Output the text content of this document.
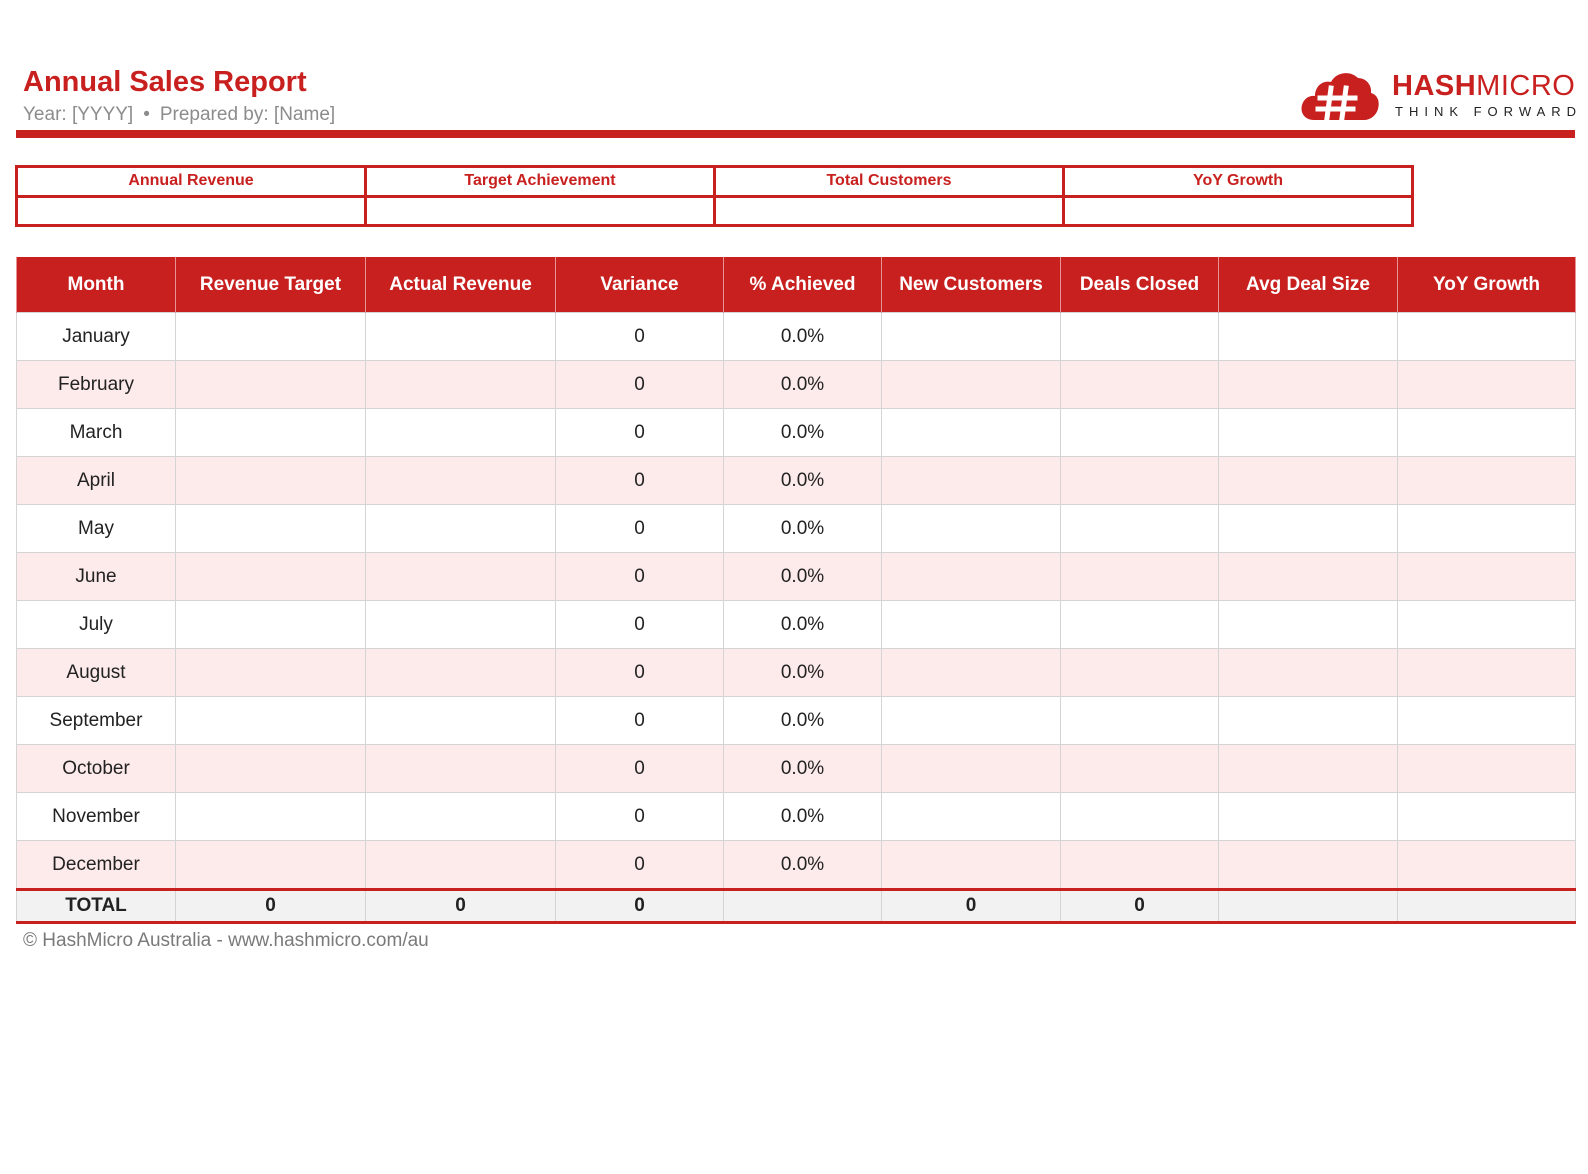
Annual Sales Report
Year: [YYYY] • Prepared by: [Name]
HASHMICRO
THINK FORWARD
Annual Revenue	Target Achievement	Total Customers	YoY Growth

Month	Revenue Target	Actual Revenue	Variance	% Achieved	New Customers	Deals Closed	Avg Deal Size	YoY Growth
January			0	0.0%				
February			0	0.0%				
March			0	0.0%				
April			0	0.0%				
May			0	0.0%				
June			0	0.0%				
July			0	0.0%				
August			0	0.0%				
September			0	0.0%				
October			0	0.0%				
November			0	0.0%				
December			0	0.0%				
TOTAL	0	0	0		0	0		
© HashMicro Australia - www.hashmicro.com/au
